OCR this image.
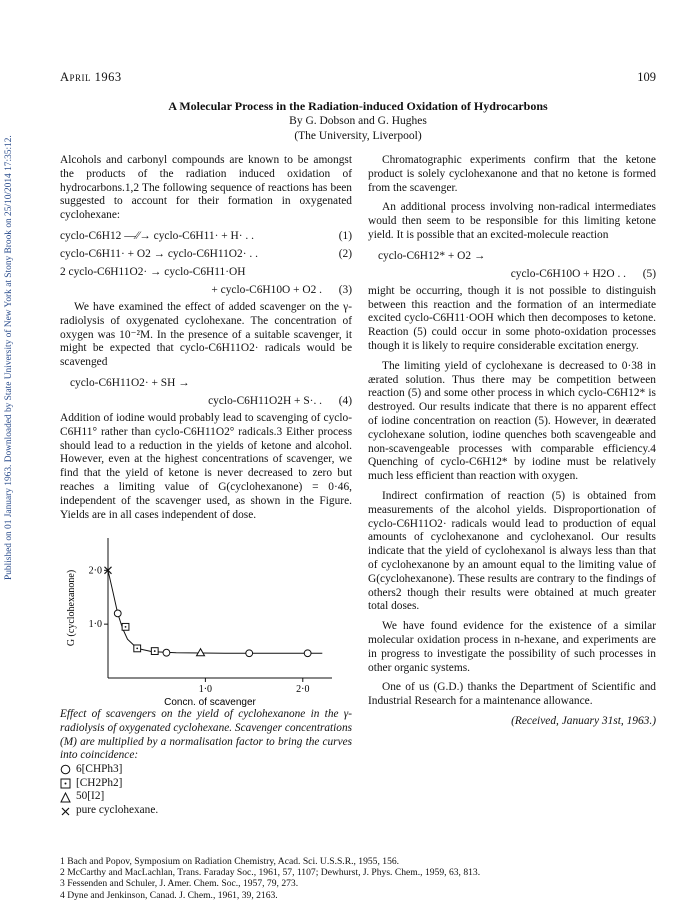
Published on 01 January 1963. Downloaded by State University of New York at Stony Brook on 25/10/2014 17:35:12.
April 1963	109
A Molecular Process in the Radiation-induced Oxidation of Hydrocarbons
By G. Dobson and G. Hughes
(The University, Liverpool)

Alcohols and carbonyl compounds are known to be amongst the products of the radiation induced oxidation of hydrocarbons.1,2 The following sequence of reactions has been suggested to account for their formation in oxygenated cyclohexane:

cyclo-C6H12 —⁄⁄→ cyclo-C6H11· + H· . .	(1)
cyclo-C6H11· + O2 → cyclo-C6H11O2· . .	(2)
2 cyclo-C6H11O2· → cyclo-C6H11·OH
+ cyclo-C6H10O + O2 .	(3)

We have examined the effect of added scavenger on the γ-radiolysis of oxygenated cyclohexane. The concentration of oxygen was 10⁻²M. In the presence of a suitable scavenger, it might be expected that cyclo-C6H11O2· radicals would be scavenged

cyclo-C6H11O2· + SH →
cyclo-C6H11O2H + S·. .	(4)

Addition of iodine would probably lead to scavenging of cyclo-C6H11° rather than cyclo-C6H11O2° radicals.3 Either process should lead to a reduction in the yields of ketone and alcohol. However, even at the highest concentrations of scavenger, we find that the yield of ketone is never decreased to zero but reaches a limiting value of G(cyclohexanone) = 0·46, independent of the scavenger used, as shown in the Figure. Yields are in all cases independent of dose.

1·0	2·0
1·0
2·0
G (cyclohexanone)
Concn. of scavenger
Effect of scavengers on the yield of cyclohexanone in the γ-radiolysis of oxygenated cyclohexane. Scavenger concentrations (M) are multiplied by a normalisation factor to bring the curves into coincidence:
6[CHPh3]
[CH2Ph2]
50[I2]
pure cyclohexane.

Chromatographic experiments confirm that the ketone product is solely cyclohexanone and that no ketone is formed from the scavenger.

An additional process involving non-radical intermediates would then seem to be responsible for this limiting ketone yield. It is possible that an excited-molecule reaction

cyclo-C6H12* + O2 →
cyclo-C6H10O + H2O . .	(5)

might be occurring, though it is not possible to distinguish between this reaction and the formation of an intermediate excited cyclo-C6H11·OOH which then decomposes to ketone. Reaction (5) could occur in some photo-oxidation processes though it is likely to require considerable excitation energy.

The limiting yield of cyclohexane is decreased to 0·38 in ærated solution. Thus there may be competition between reaction (5) and some other process in which cyclo-C6H12* is destroyed. Our results indicate that there is no apparent effect of iodine concentration on reaction (5). However, in deærated cyclohexane solution, iodine quenches both scavengeable and non-scavengeable processes with comparable efficiency.4 Quenching of cyclo-C6H12* by iodine must be relatively much less efficient than reaction with oxygen.

Indirect confirmation of reaction (5) is obtained from measurements of the alcohol yields. Disproportionation of cyclo-C6H11O2· radicals would lead to production of equal amounts of cyclohexanone and cyclohexanol. Our results indicate that the yield of cyclohexanol is always less than that of cyclohexanone by an amount equal to the limiting value of G(cyclohexanone). These results are contrary to the findings of others2 though their results were obtained at much greater total doses.

We have found evidence for the existence of a similar molecular oxidation process in n-hexane, and experiments are in progress to investigate the possibility of such processes in other organic systems.

One of us (G.D.) thanks the Department of Scientific and Industrial Research for a maintenance allowance.

(Received, January 31st, 1963.)
1 Bach and Popov, Symposium on Radiation Chemistry, Acad. Sci. U.S.S.R., 1955, 156.
2 McCarthy and MacLachlan, Trans. Faraday Soc., 1961, 57, 1107; Dewhurst, J. Phys. Chem., 1959, 63, 813.
3 Fessenden and Schuler, J. Amer. Chem. Soc., 1957, 79, 273.
4 Dyne and Jenkinson, Canad. J. Chem., 1961, 39, 2163.
